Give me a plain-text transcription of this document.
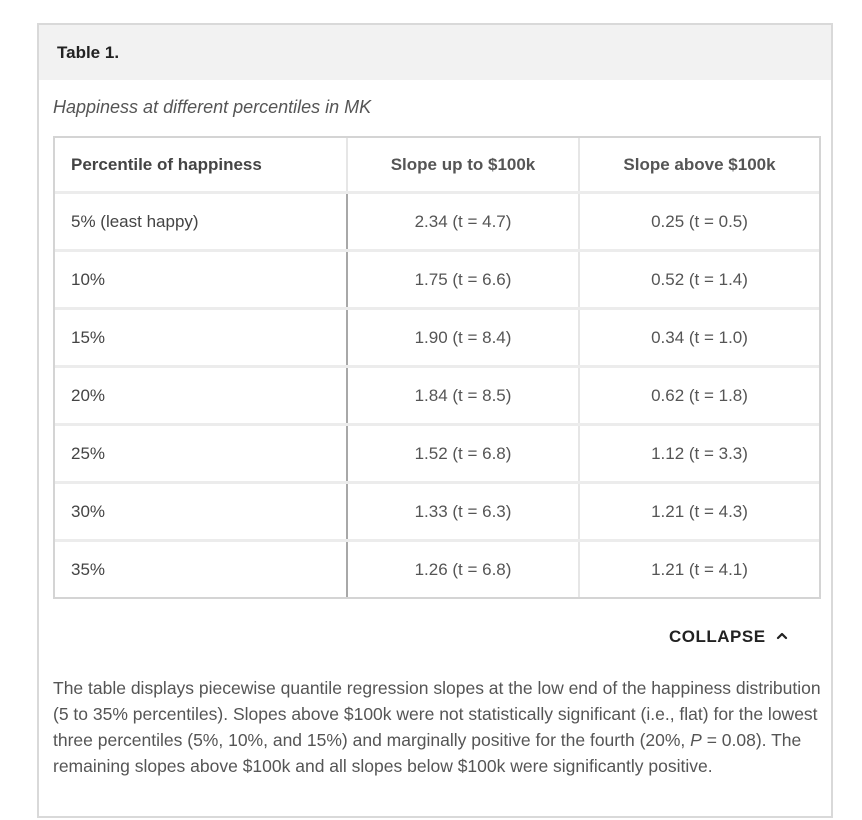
Table 1.
Happiness at different percentiles in MK
Percentile of happiness	Slope up to $100k	Slope above $100k
5% (least happy)	2.34 (t = 4.7)	0.25 (t = 0.5)
10%	1.75 (t = 6.6)	0.52 (t = 1.4)
15%	1.90 (t = 8.4)	0.34 (t = 1.0)
20%	1.84 (t = 8.5)	0.62 (t = 1.8)
25%	1.52 (t = 6.8)	1.12 (t = 3.3)
30%	1.33 (t = 6.3)	1.21 (t = 4.3)
35%	1.26 (t = 6.8)	1.21 (t = 4.1)
COLLAPSE
The table displays piecewise quantile regression slopes at the low end of the happiness distribution (5 to 35% percentiles). Slopes above $100k were not statistically significant (i.e., flat) for the lowest three percentiles (5%, 10%, and 15%) and marginally positive for the fourth (20%, P = 0.08). The remaining slopes above $100k and all slopes below $100k were significantly positive.
